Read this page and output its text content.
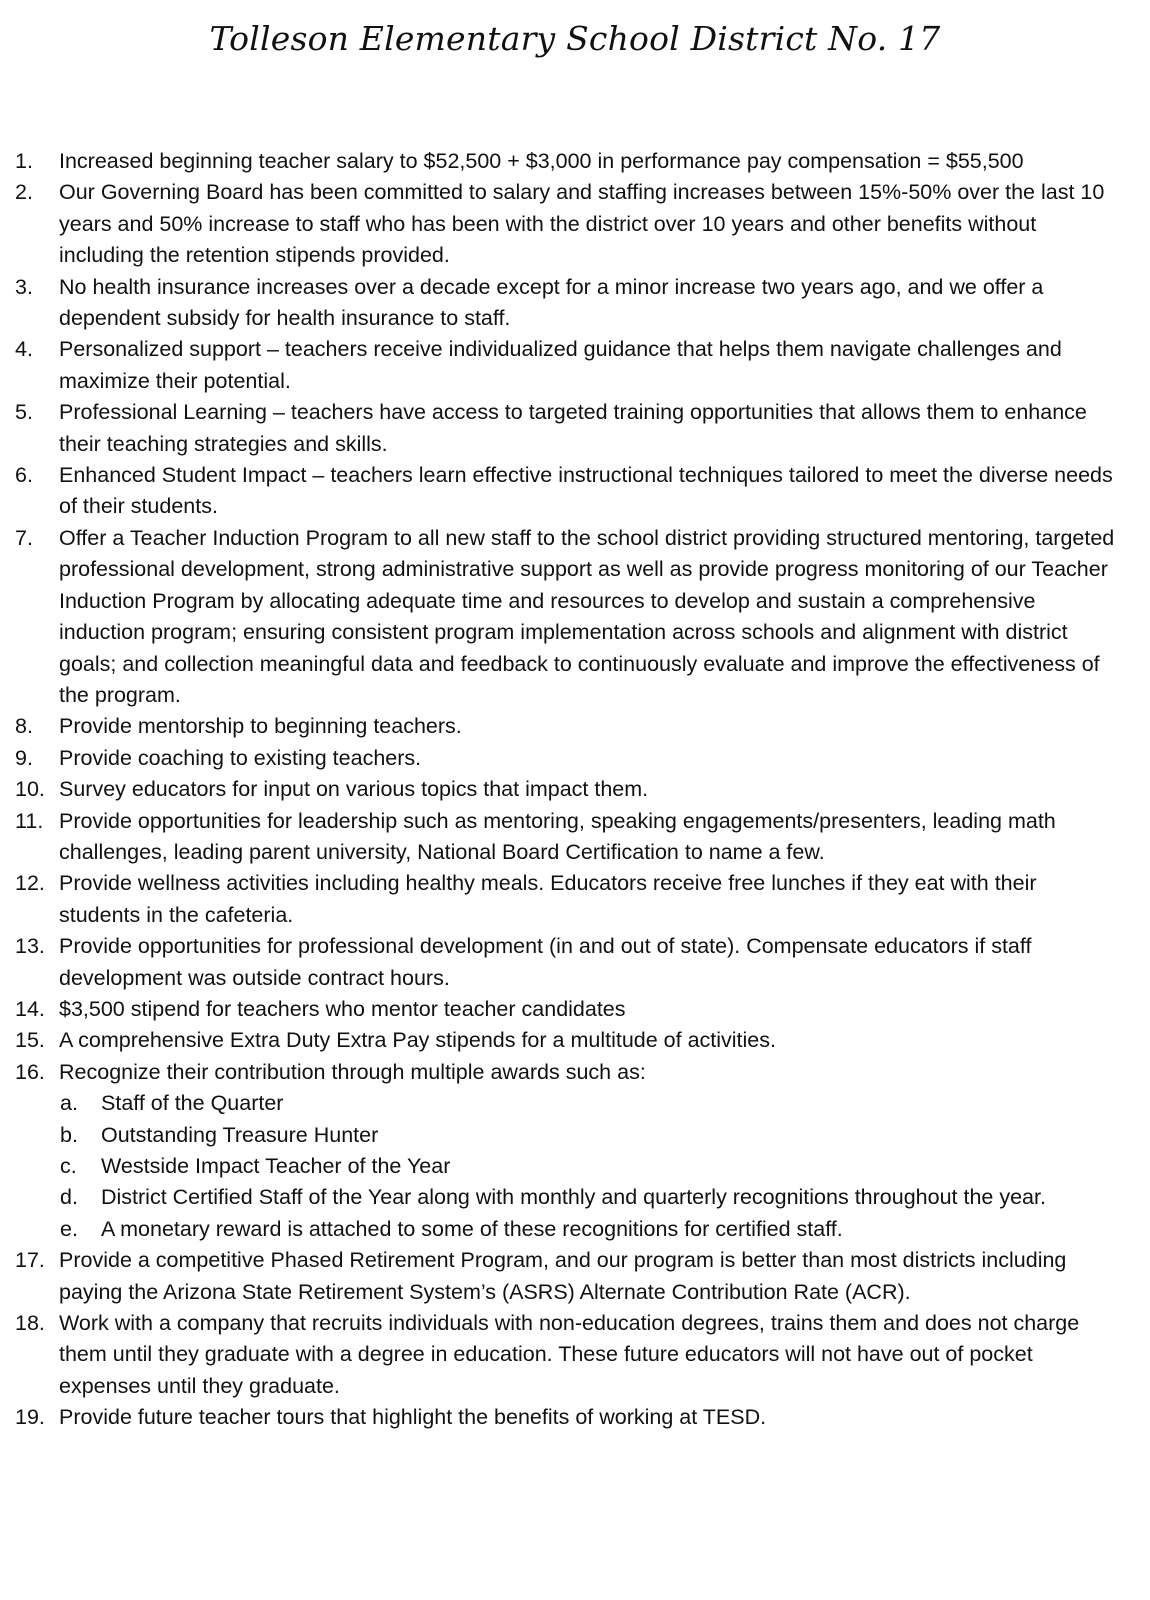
Tolleson Elementary School District No. 17
1. Increased beginning teacher salary to $52,500 + $3,000 in performance pay compensation = $55,500
2. Our Governing Board has been committed to salary and staffing increases between 15%-50% over the last 10 years and 50% increase to staff who has been with the district over 10 years and other benefits without including the retention stipends provided.
3. No health insurance increases over a decade except for a minor increase two years ago, and we offer a dependent subsidy for health insurance to staff.
4. Personalized support – teachers receive individualized guidance that helps them navigate challenges and maximize their potential.
5. Professional Learning – teachers have access to targeted training opportunities that allows them to enhance their teaching strategies and skills.
6. Enhanced Student Impact – teachers learn effective instructional techniques tailored to meet the diverse needs of their students.
7. Offer a Teacher Induction Program to all new staff to the school district providing structured mentoring, targeted professional development, strong administrative support as well as provide progress monitoring of our Teacher Induction Program by allocating adequate time and resources to develop and sustain a comprehensive induction program; ensuring consistent program implementation across schools and alignment with district goals; and collection meaningful data and feedback to continuously evaluate and improve the effectiveness of the program.
8. Provide mentorship to beginning teachers.
9. Provide coaching to existing teachers.
10. Survey educators for input on various topics that impact them.
11. Provide opportunities for leadership such as mentoring, speaking engagements/presenters, leading math challenges, leading parent university, National Board Certification to name a few.
12. Provide wellness activities including healthy meals. Educators receive free lunches if they eat with their students in the cafeteria.
13. Provide opportunities for professional development (in and out of state). Compensate educators if staff development was outside contract hours.
14. $3,500 stipend for teachers who mentor teacher candidates
15. A comprehensive Extra Duty Extra Pay stipends for a multitude of activities.
16. Recognize their contribution through multiple awards such as:
a. Staff of the Quarter
b. Outstanding Treasure Hunter
c. Westside Impact Teacher of the Year
d. District Certified Staff of the Year along with monthly and quarterly recognitions throughout the year.
e. A monetary reward is attached to some of these recognitions for certified staff.
17. Provide a competitive Phased Retirement Program, and our program is better than most districts including paying the Arizona State Retirement System’s (ASRS) Alternate Contribution Rate (ACR).
18. Work with a company that recruits individuals with non-education degrees, trains them and does not charge them until they graduate with a degree in education. These future educators will not have out of pocket expenses until they graduate.
19. Provide future teacher tours that highlight the benefits of working at TESD.
